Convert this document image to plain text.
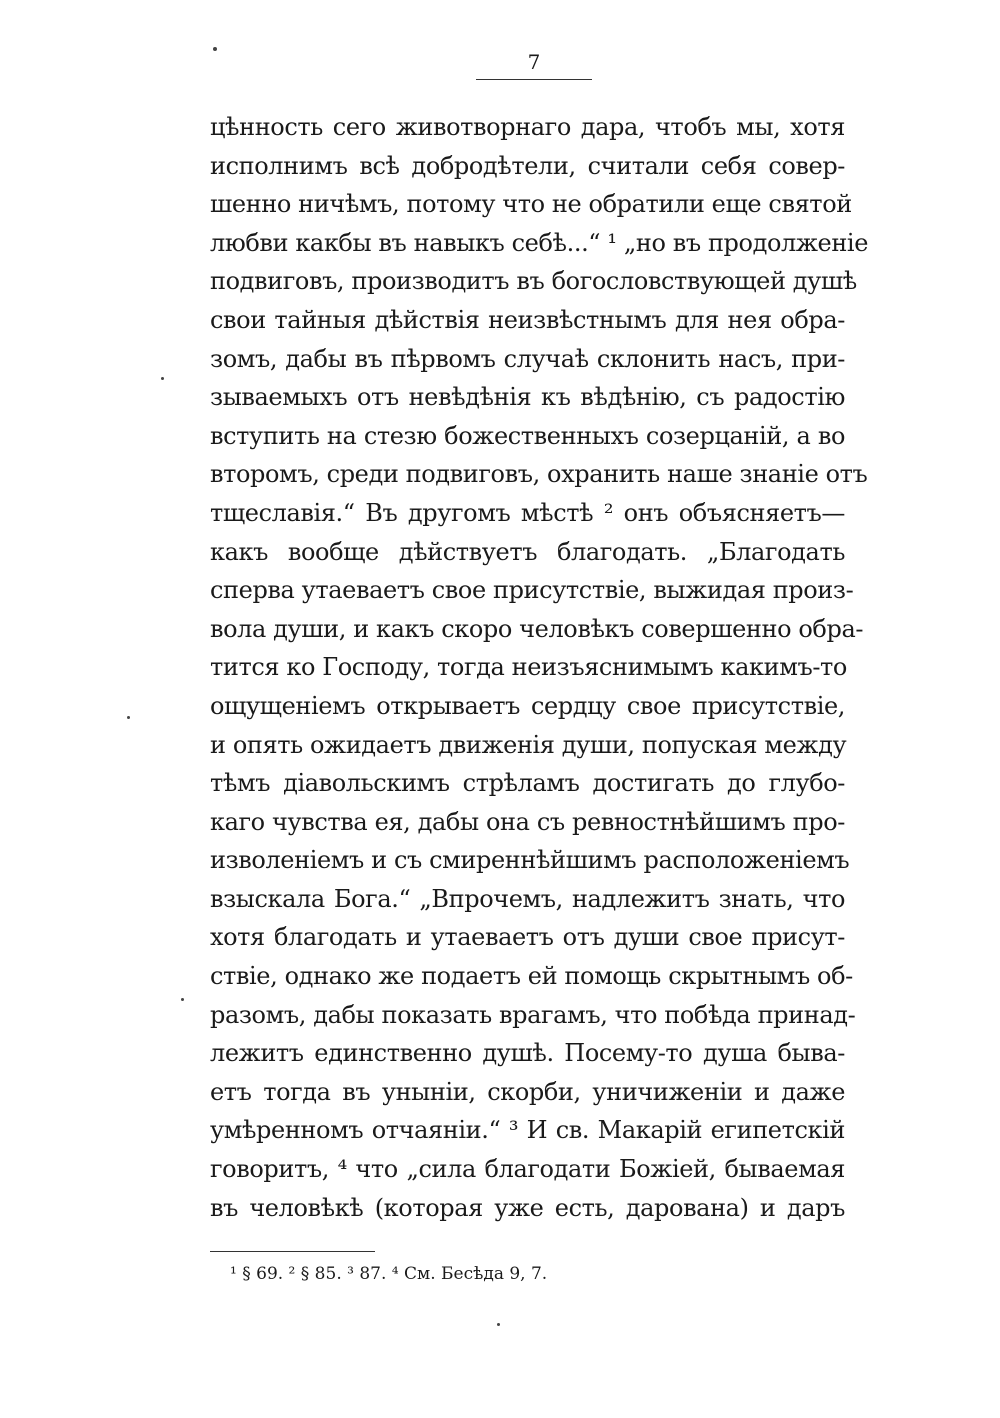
7
цѣнность сего животворнаго дара, чтобъ мы, хотя
исполнимъ всѣ добродѣтели, считали себя совер-
шенно ничѣмъ, потому что не обратили еще святой
любви какбы въ навыкъ себѣ...“ ¹ „но въ продолженіе
подвиговъ, производитъ въ богословствующей душѣ
свои тайныя дѣйствія неизвѣстнымъ для нея обра-
зомъ, дабы въ пѣрвомъ случаѣ склонить насъ, при-
зываемыхъ отъ невѣдѣнія къ вѣдѣнію, съ радостію
вступить на стезю божественныхъ созерцаній, а во
второмъ, среди подвиговъ, охранить наше знаніе отъ
тщеславія.“ Въ другомъ мѣстѣ ² онъ объясняетъ—
какъ вообще дѣйствуетъ благодать. „Благодать
сперва утаеваетъ свое присутствіе, выжидая произ-
вола души, и какъ скоро человѣкъ совершенно обра-
тится ко Господу, тогда неизъяснимымъ какимъ-то
ощущеніемъ открываетъ сердцу свое присутствіе,
и опять ожидаетъ движенія души, попуская между
тѣмъ діавольскимъ стрѣламъ достигать до глубо-
каго чувства ея, дабы она съ ревностнѣйшимъ про-
изволеніемъ и съ смиреннѣйшимъ расположеніемъ
взыскала Бога.“ „Впрочемъ, надлежитъ знать, что
хотя благодать и утаеваетъ отъ души свое присут-
ствіе, однако же подаетъ ей помощь скрытнымъ об-
разомъ, дабы показать врагамъ, что побѣда принад-
лежитъ единственно душѣ. Посему-то душа бывa-
етъ тогда въ унынiи, скорби, уничиженіи и даже
умѣренномъ отчаяніи.“ ³ И св. Макарій египетскій
говоритъ, ⁴ что „сила благодати Божіей, бываемая
въ человѣкѣ (которая уже есть, дарована) и даръ
¹ § 69. ² § 85. ³ 87. ⁴ См. Бесѣда 9, 7.
